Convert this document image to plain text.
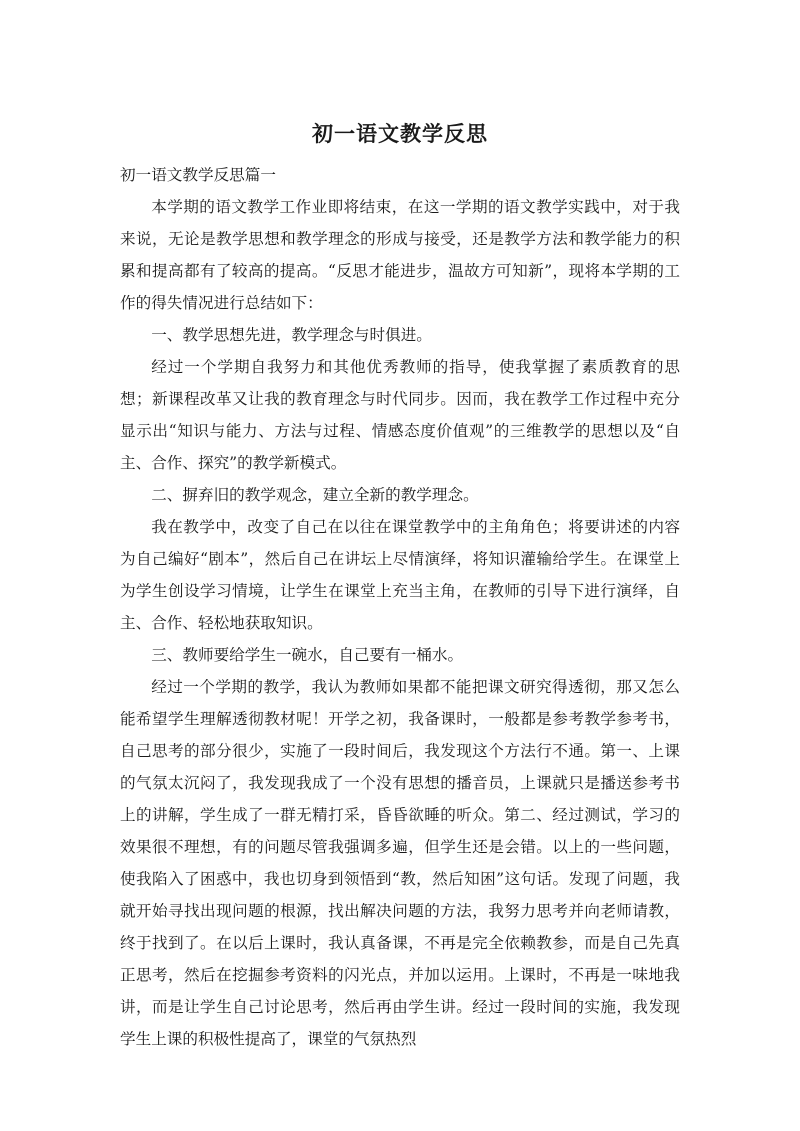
初一语文教学反思

初一语文教学反思篇一

本学期的语文教学工作业即将结束，在这一学期的语文教学实践中，对于我来说，无论是教学思想和教学理念的形成与接受，还是教学方法和教学能力的积累和提高都有了较高的提高。“反思才能进步，温故方可知新”，现将本学期的工作的得失情况进行总结如下：

一、教学思想先进，教学理念与时俱进。

经过一个学期自我努力和其他优秀教师的指导，使我掌握了素质教育的思想；新课程改革又让我的教育理念与时代同步。因而，我在教学工作过程中充分显示出“知识与能力、方法与过程、情感态度价值观”的三维教学的思想以及“自主、合作、探究”的教学新模式。

二、摒弃旧的教学观念，建立全新的教学理念。

我在教学中，改变了自己在以往在课堂教学中的主角角色；将要讲述的内容为自己编好“剧本”，然后自己在讲坛上尽情演绎，将知识灌输给学生。在课堂上为学生创设学习情境，让学生在课堂上充当主角，在教师的引导下进行演绎，自主、合作、轻松地获取知识。

三、教师要给学生一碗水，自己要有一桶水。

经过一个学期的教学，我认为教师如果都不能把课文研究得透彻，那又怎么能希望学生理解透彻教材呢！开学之初，我备课时，一般都是参考教学参考书，自己思考的部分很少，实施了一段时间后，我发现这个方法行不通。第一、上课的气氛太沉闷了，我发现我成了一个没有思想的播音员，上课就只是播送参考书上的讲解，学生成了一群无精打采，昏昏欲睡的听众。第二、经过测试，学习的效果很不理想，有的问题尽管我强调多遍，但学生还是会错。以上的一些问题，使我陷入了困惑中，我也切身到领悟到“教，然后知困”这句话。发现了问题，我就开始寻找出现问题的根源，找出解决问题的方法，我努力思考并向老师请教，终于找到了。在以后上课时，我认真备课，不再是完全依赖教参，而是自己先真正思考，然后在挖掘参考资料的闪光点，并加以运用。上课时，不再是一味地我讲，而是让学生自己讨论思考，然后再由学生讲。经过一段时间的实施，我发现学生上课的积极性提高了，课堂的气氛热烈
